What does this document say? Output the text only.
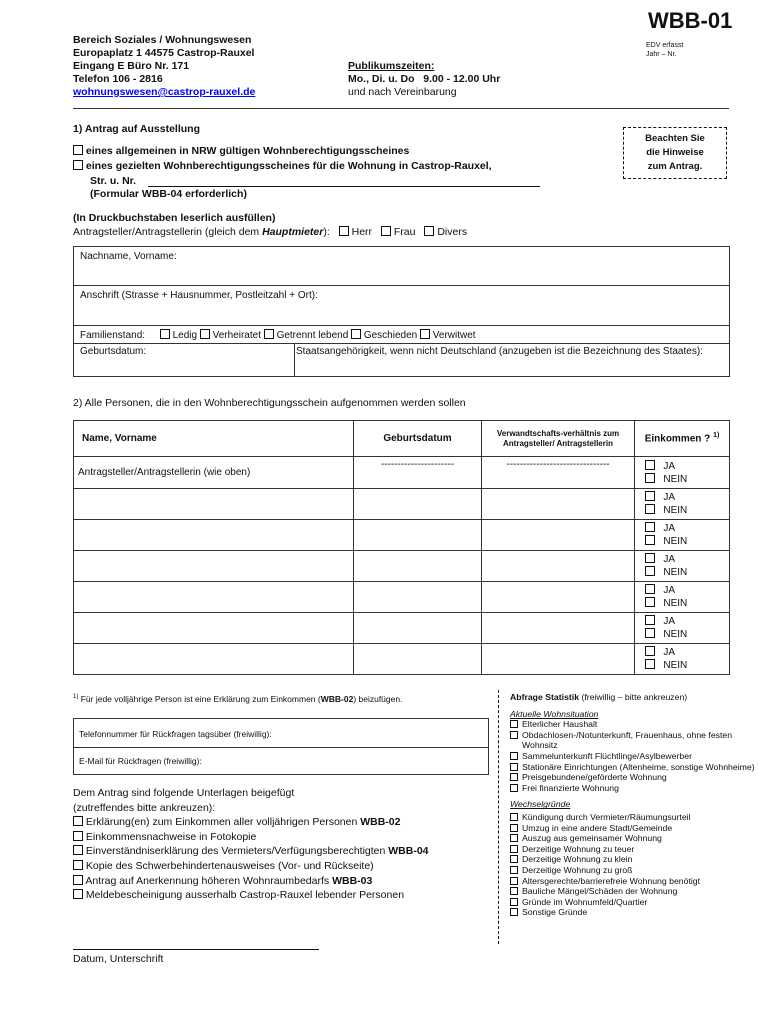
WBB-01
EDV erfasst
Jahr – Nr.
Bereich Soziales / Wohnungswesen
Europaplatz 1 44575 Castrop-Rauxel
Eingang E Büro Nr. 171
Telefon 106 - 2816
wohnungswesen@castrop-rauxel.de
Publikumszeiten:
Mo., Di. u. Do   9.00 - 12.00 Uhr
und nach Vereinbarung
1) Antrag auf Ausstellung
eines allgemeinen in NRW gültigen Wohnberechtigungsscheines
eines gezielten Wohnberechtigungsscheines für die Wohnung in Castrop-Rauxel,
Str. u. Nr.
(Formular WBB-04 erforderlich)
Beachten Sie
die Hinweise
zum Antrag.
(In Druckbuchstaben leserlich ausfüllen)
Antragsteller/Antragstellerin (gleich dem Hauptmieter): Herr Frau Divers
Nachname, Vorname:
Anschrift (Strasse + Hausnummer, Postleitzahl + Ort):
Familienstand:	Ledig Verheiratet Getrennt lebend Geschieden Verwitwet
Geburtsdatum:	Staatsangehörigkeit, wenn nicht Deutschland (anzugeben ist die Bezeichnung des Staates):
2) Alle Personen, die in den Wohnberechtigungsschein aufgenommen werden sollen
Name, Vorname	Geburtsdatum	Verwandtschafts-verhältnis zum Antragsteller/ Antragstellerin	Einkommen ? $^{1)}$
Antragsteller/Antragstellerin (wie oben)	----------------------	-------------------------------	JA
NEIN

			JA
NEIN

			JA
NEIN

			JA
NEIN

			JA
NEIN

			JA
NEIN

			JA
NEIN
$^{1)}$ Für jede volljährige Person ist eine Erklärung zum Einkommen (WBB-02) beizufügen.
Telefonnummer für Rückfragen tagsüber (freiwillig):
E-Mail für Rückfragen (freiwillig):
Dem Antrag sind folgende Unterlagen beigefügt
(zutreffendes bitte ankreuzen):
Erklärung(en) zum Einkommen aller volljährigen Personen WBB-02
Einkommensnachweise in Fotokopie
Einverständniserklärung des Vermieters/Verfügungsberechtigten WBB-04
Kopie des Schwerbehindertenausweises (Vor- und Rückseite)
Antrag auf Anerkennung höheren Wohnraumbedarfs WBB-03
Meldebescheinigung ausserhalb Castrop-Rauxel lebender Personen
Datum, Unterschrift
Abfrage Statistik (freiwillig – bitte ankreuzen)
Aktuelle Wohnsituation
Elterlicher Haushalt
Obdachlosen-/Notunterkunft, Frauenhaus, ohne festen Wohnsitz
Sammelunterkunft Flüchtlinge/Asylbewerber
Stationäre Einrichtungen (Altenheime, sonstige Wohnheime)
Preisgebundene/geförderte Wohnung
Frei finanzierte Wohnung
Wechselgründe
Kündigung durch Vermieter/Räumungsurteil
Umzug in eine andere Stadt/Gemeinde
Auszug aus gemeinsamer Wohnung
Derzeitige Wohnung zu teuer
Derzeitige Wohnung zu klein
Derzeitige Wohnung zu groß
Altersgerechte/barrierefreie Wohnung benötigt
Bauliche Mängel/Schäden der Wohnung
Gründe im Wohnumfeld/Quartier
Sonstige Gründe
